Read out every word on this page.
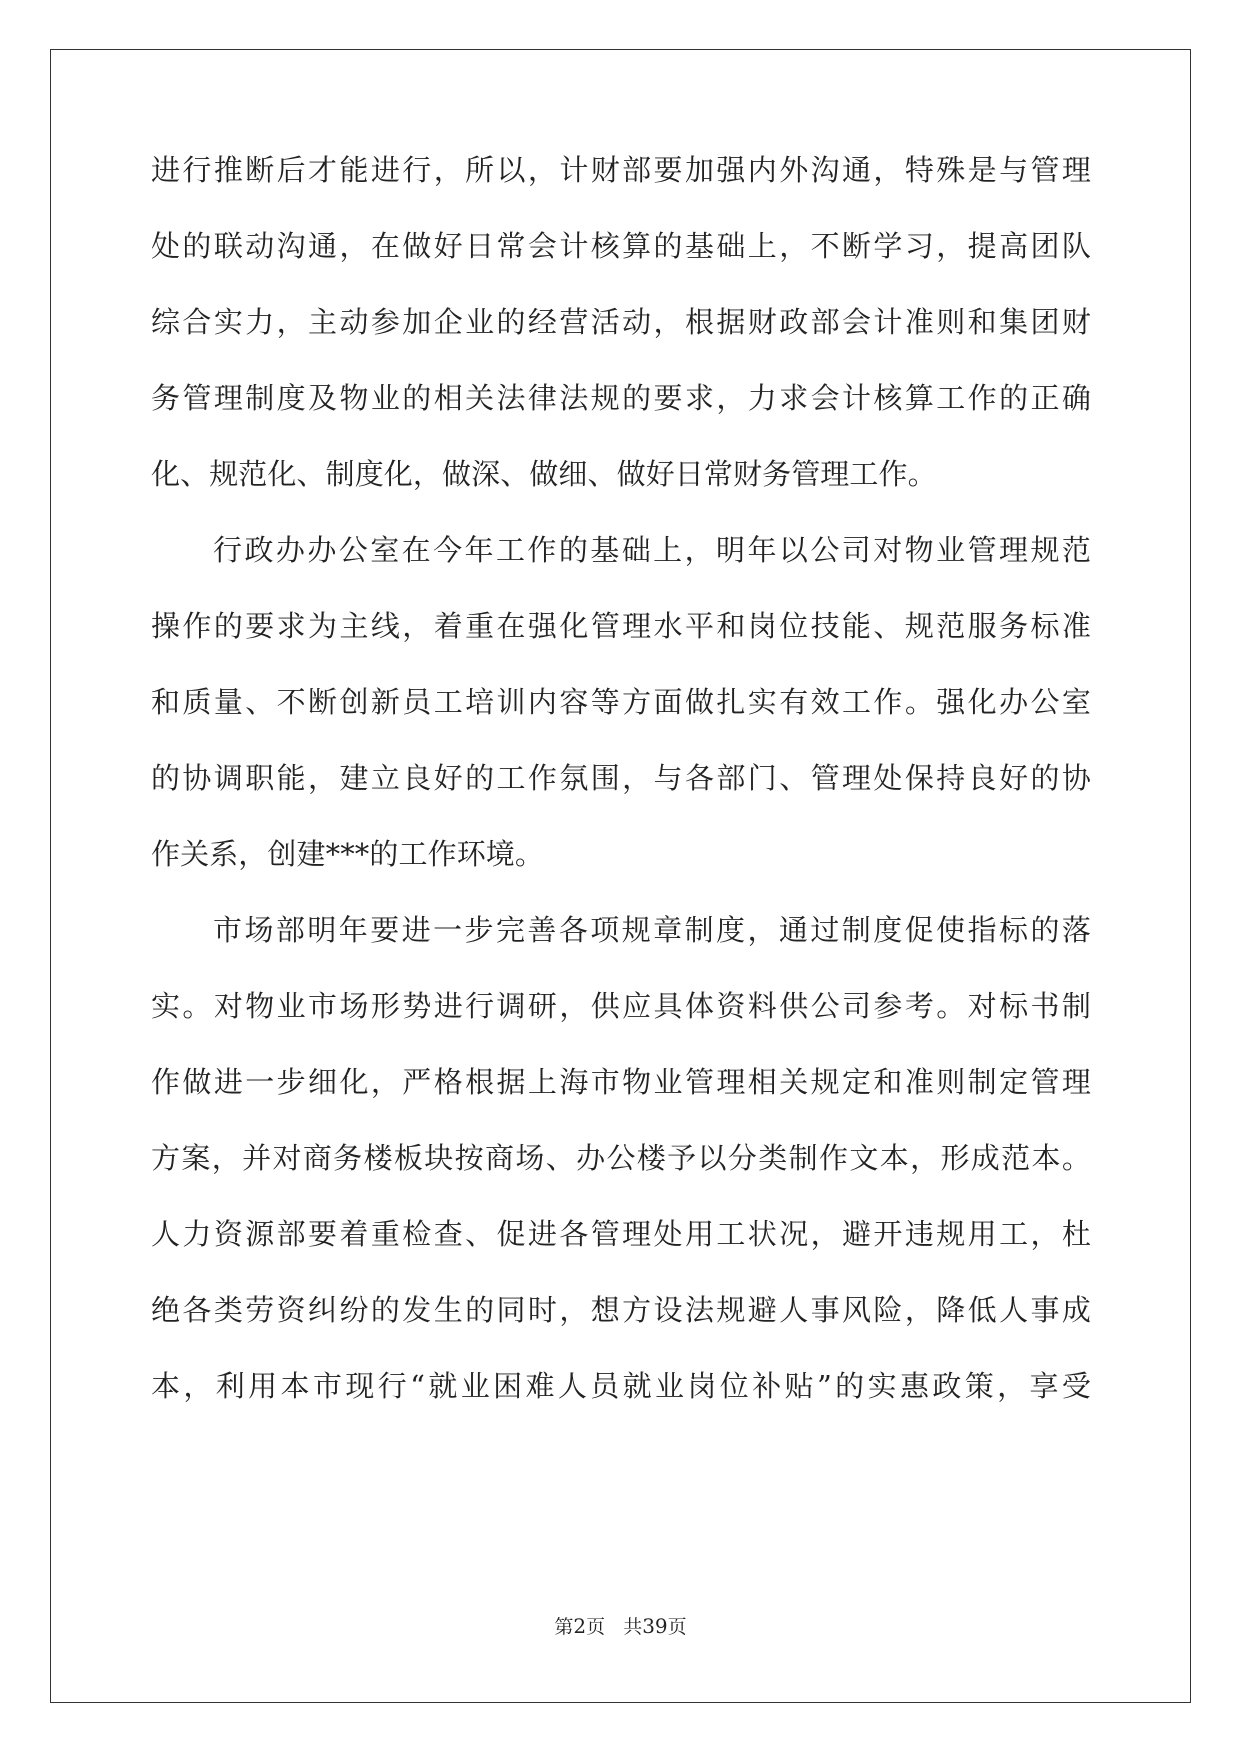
进行推断后才能进行，所以，计财部要加强内外沟通，特殊是与管理
处的联动沟通，在做好日常会计核算的基础上，不断学习，提高团队
综合实力，主动参加企业的经营活动，根据财政部会计准则和集团财
务管理制度及物业的相关法律法规的要求，力求会计核算工作的正确
化、规范化、制度化，做深、做细、做好日常财务管理工作。
行政办办公室在今年工作的基础上，明年以公司对物业管理规范
操作的要求为主线，着重在强化管理水平和岗位技能、规范服务标准
和质量、不断创新员工培训内容等方面做扎实有效工作。强化办公室
的协调职能，建立良好的工作氛围，与各部门、管理处保持良好的协
作关系，创建***的工作环境。
市场部明年要进一步完善各项规章制度，通过制度促使指标的落
实。对物业市场形势进行调研，供应具体资料供公司参考。对标书制
作做进一步细化，严格根据上海市物业管理相关规定和准则制定管理
方案，并对商务楼板块按商场、办公楼予以分类制作文本，形成范本。
人力资源部要着重检查、促进各管理处用工状况，避开违规用工，杜
绝各类劳资纠纷的发生的同时，想方设法规避人事风险，降低人事成
本，利用本市现行“就业困难人员就业岗位补贴”的实惠政策，享受
第2页   共39页
